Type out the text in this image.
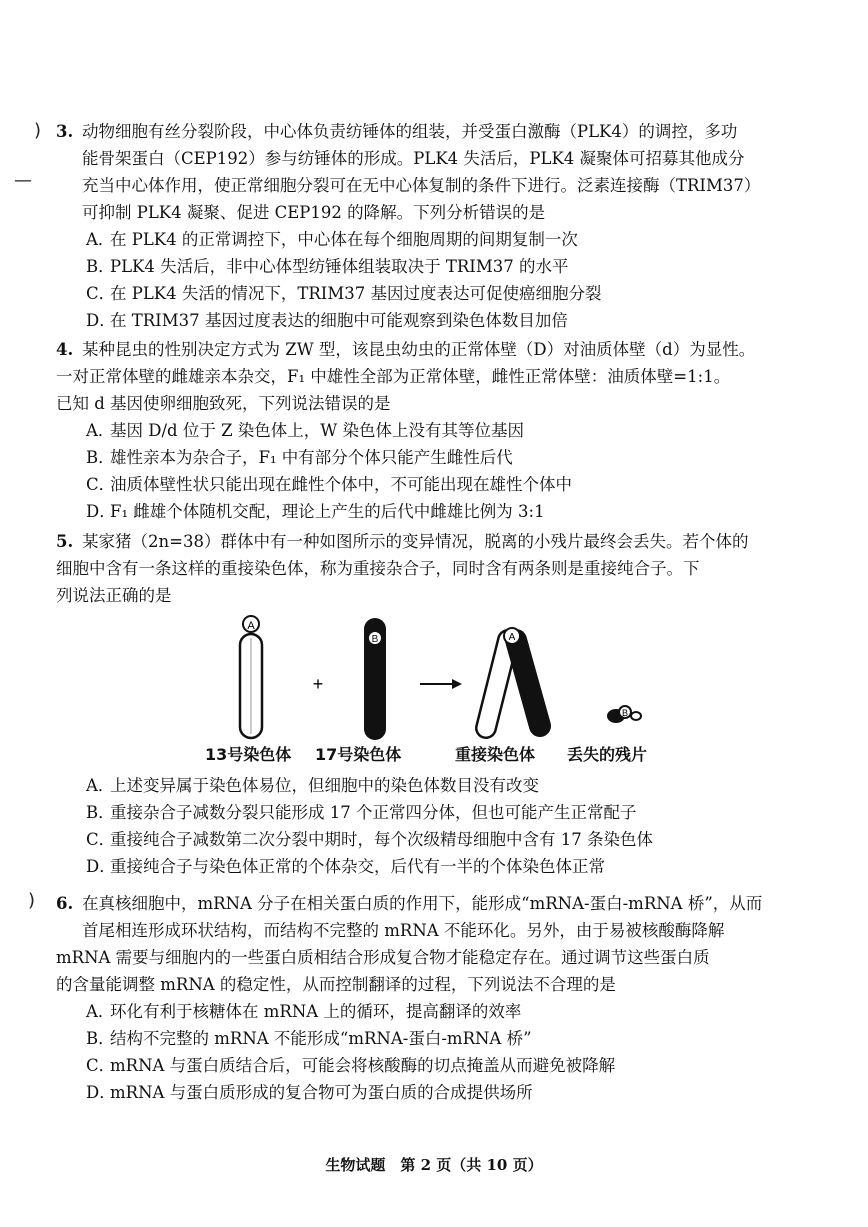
)
—
)

3. 动物细胞有丝分裂阶段，中心体负责纺锤体的组装，并受蛋白激酶（PLK4）的调控，多功

能骨架蛋白（CEP192）参与纺锤体的形成。PLK4 失活后，PLK4 凝聚体可招募其他成分

充当中心体作用，使正常细胞分裂可在无中心体复制的条件下进行。泛素连接酶（TRIM37）

可抑制 PLK4 凝聚、促进 CEP192 的降解。下列分析错误的是

A．在 PLK4 的正常调控下，中心体在每个细胞周期的间期复制一次

B．PLK4 失活后，非中心体型纺锤体组装取决于 TRIM37 的水平

C．在 PLK4 失活的情况下，TRIM37 基因过度表达可促使癌细胞分裂

D．在 TRIM37 基因过度表达的细胞中可能观察到染色体数目加倍

4. 某种昆虫的性别决定方式为 ZW 型，该昆虫幼虫的正常体壁（D）对油质体壁（d）为显性。

一对正常体壁的雌雄亲本杂交，F₁ 中雄性全部为正常体壁，雌性正常体壁：油质体壁=1:1。

已知 d 基因使卵细胞致死，下列说法错误的是

A．基因 D/d 位于 Z 染色体上，W 染色体上没有其等位基因

B．雄性亲本为杂合子，F₁ 中有部分个体只能产生雌性后代

C．油质体壁性状只能出现在雌性个体中，不可能出现在雄性个体中

D．F₁ 雌雄个体随机交配，理论上产生的后代中雌雄比例为 3:1

5. 某家猪（2n=38）群体中有一种如图所示的变异情况，脱离的小残片最终会丢失。若个体的

细胞中含有一条这样的重接染色体，称为重接杂合子，同时含有两条则是重接纯合子。下

列说法正确的是

A
+
B	A
B
13号染色体	17号染色体	重接染色体	丢失的残片

A．上述变异属于染色体易位，但细胞中的染色体数目没有改变

B．重接杂合子减数分裂只能形成 17 个正常四分体，但也可能产生正常配子

C．重接纯合子减数第二次分裂中期时，每个次级精母细胞中含有 17 条染色体

D．重接纯合子与染色体正常的个体杂交，后代有一半的个体染色体正常

6. 在真核细胞中，mRNA 分子在相关蛋白质的作用下，能形成“mRNA-蛋白-mRNA 桥”，从而

首尾相连形成环状结构，而结构不完整的 mRNA 不能环化。另外，由于易被核酸酶降解

mRNA 需要与细胞内的一些蛋白质相结合形成复合物才能稳定存在。通过调节这些蛋白质

的含量能调整 mRNA 的稳定性，从而控制翻译的过程，下列说法不合理的是

A．环化有利于核糖体在 mRNA 上的循环，提高翻译的效率

B．结构不完整的 mRNA 不能形成“mRNA-蛋白-mRNA 桥”

C．mRNA 与蛋白质结合后，可能会将核酸酶的切点掩盖从而避免被降解

D．mRNA 与蛋白质形成的复合物可为蛋白质的合成提供场所

生物试题　第 2 页（共 10 页）
